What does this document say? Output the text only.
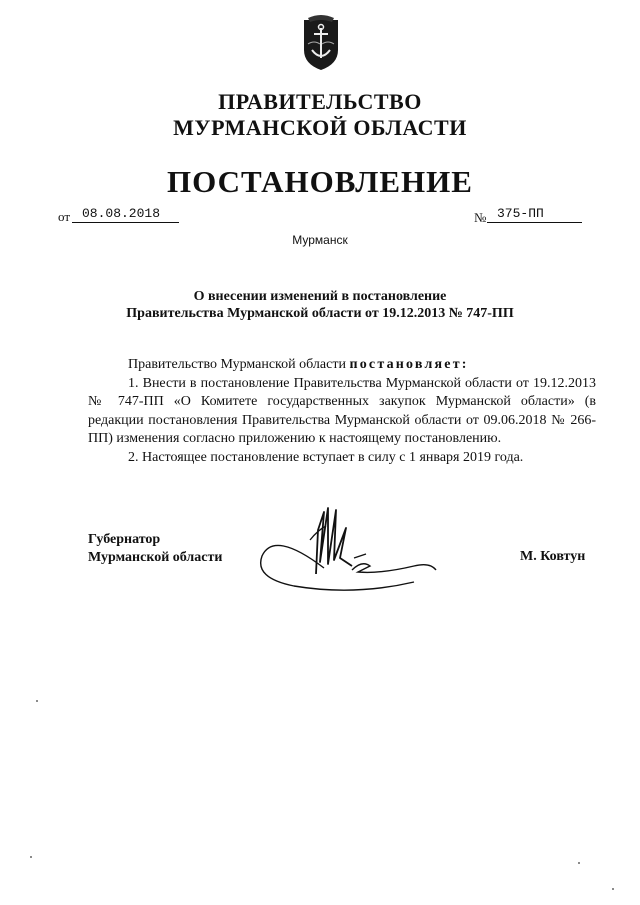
ПРАВИТЕЛЬСТВО
МУРМАНСКОЙ ОБЛАСТИ
ПОСТАНОВЛЕНИЕ
от 08.08.2018	№ 375-ПП
Мурманск
О внесении изменений в постановление
Правительства Мурманской области от 19.12.2013 № 747-ПП

Правительство Мурманской области постановляет:

1. Внести в постановление Правительства Мурманской области от 19.12.2013 № 747-ПП «О Комитете государственных закупок Мурманской области» (в редакции постановления Правительства Мурманской области от 09.06.2018 № 266-ПП) изменения согласно приложению к настоящему постановлению.

2. Настоящее постановление вступает в силу с 1 января 2019 года.

Губернатор
Мурманской области	М. Ковтун
